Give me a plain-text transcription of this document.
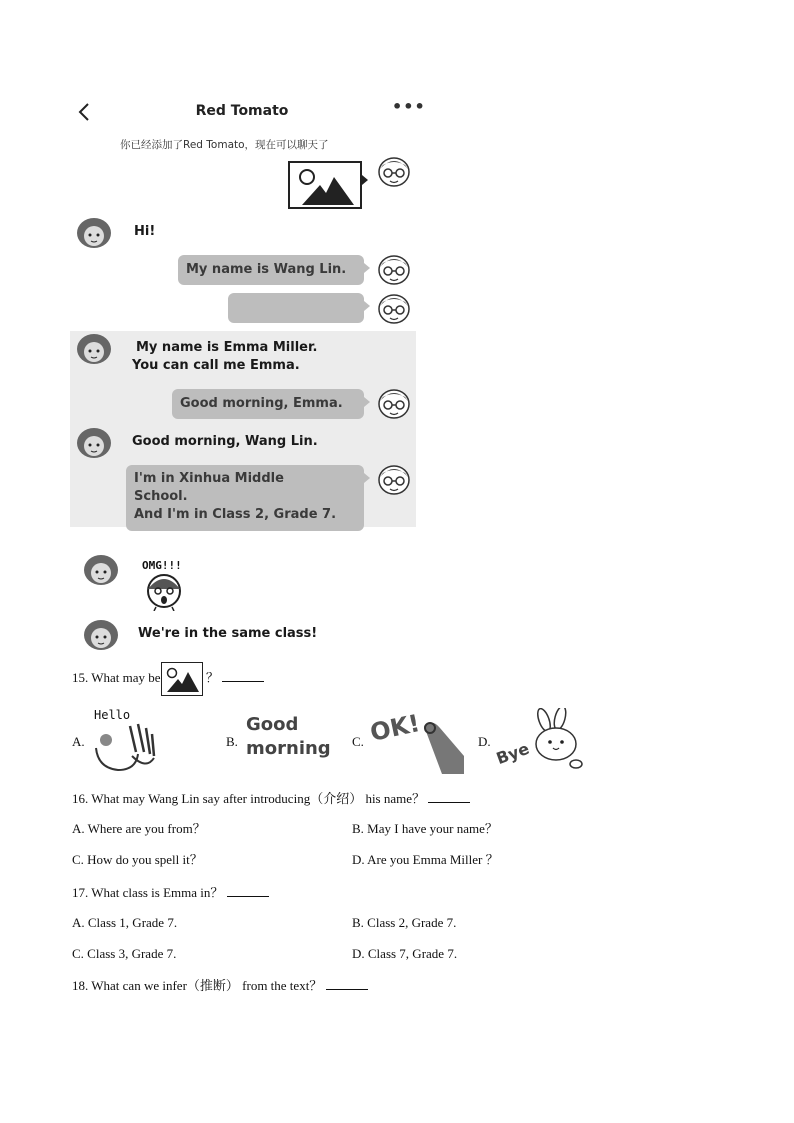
Red Tomato	•••
你已经添加了Red Tomato，现在可以聊天了
Hi!
My name is Wang Lin.
My name is Emma Miller.
You can call me Emma.
Good morning, Emma.
Good morning, Wang Lin.
I'm in Xinhua Middle
School.
And I'm in Class 2, Grade 7.
OMG!!!
We're in the same class!
15. What may be	？
A.
Hello
B.
Good
morning C. OK!	D. Bye
16. What may Wang Lin say after introducing（介绍） his name？
A. Where are you from？	B. May I have your name？
C. How do you spell it？	D. Are you Emma Miller ？
17. What class is Emma in？
A. Class 1, Grade 7.	B. Class 2, Grade 7.
C. Class 3, Grade 7.	D. Class 7, Grade 7.
18. What can we infer（推断） from the text？
